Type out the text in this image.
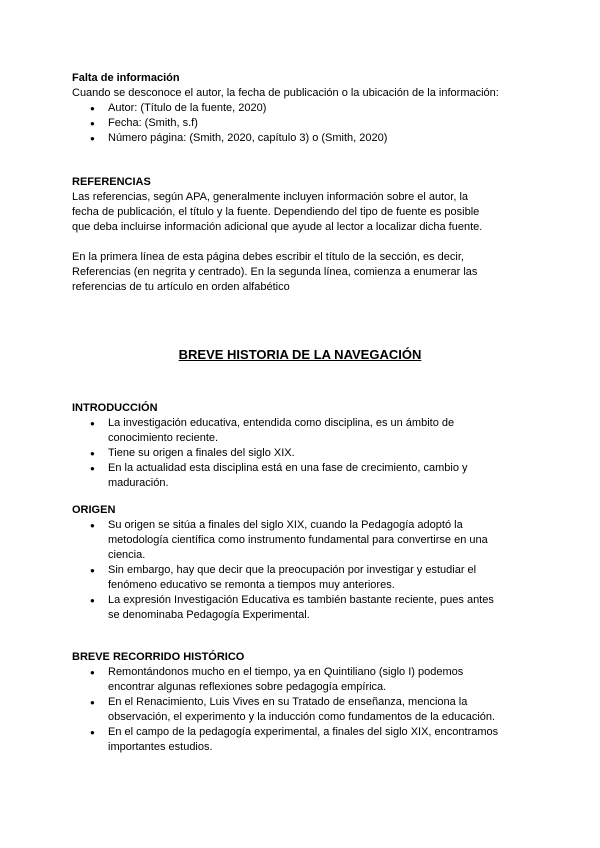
Falta de información

Cuando se desconoce el autor, la fecha de publicación o la ubicación de la información:

● Autor: (Título de la fuente, 2020)
● Fecha: (Smith, s.f)
● Número página: (Smith, 2020, capítulo 3) o (Smith, 2020)

REFERENCIAS

Las referencias, según APA, generalmente incluyen información sobre el autor, la fecha de publicación, el título y la fuente. Dependiendo del tipo de fuente es posible que deba incluirse información adicional que ayude al lector a localizar dicha fuente.

En la primera línea de esta página debes escribir el título de la sección, es decir, Referencias (en negrita y centrado). En la segunda línea, comienza a enumerar las referencias de tu artículo en orden alfabético

BREVE HISTORIA DE LA NAVEGACIÓN

INTRODUCCIÓN

● La investigación educativa, entendida como disciplina, es un ámbito de conocimiento reciente.
● Tiene su origen a finales del siglo XIX.
● En la actualidad esta disciplina está en una fase de crecimiento, cambio y maduración.

ORIGEN

● Su origen se sitúa a finales del siglo XIX, cuando la Pedagogía adoptó la metodología científica como instrumento fundamental para convertirse en una ciencia.
● Sin embargo, hay que decir que la preocupación por investigar y estudiar el fenómeno educativo se remonta a tiempos muy anteriores.
● La expresión Investigación Educativa es también bastante reciente, pues antes se denominaba Pedagogía Experimental.

BREVE RECORRIDO HISTÓRICO

● Remontándonos mucho en el tiempo, ya en Quintiliano (siglo I) podemos encontrar algunas reflexiones sobre pedagogía empírica.
● En el Renacimiento, Luis Vives en su Tratado de enseñanza, menciona la observación, el experimento y la inducción como fundamentos de la educación.
● En el campo de la pedagogía experimental, a finales del siglo XIX, encontramos importantes estudios.
